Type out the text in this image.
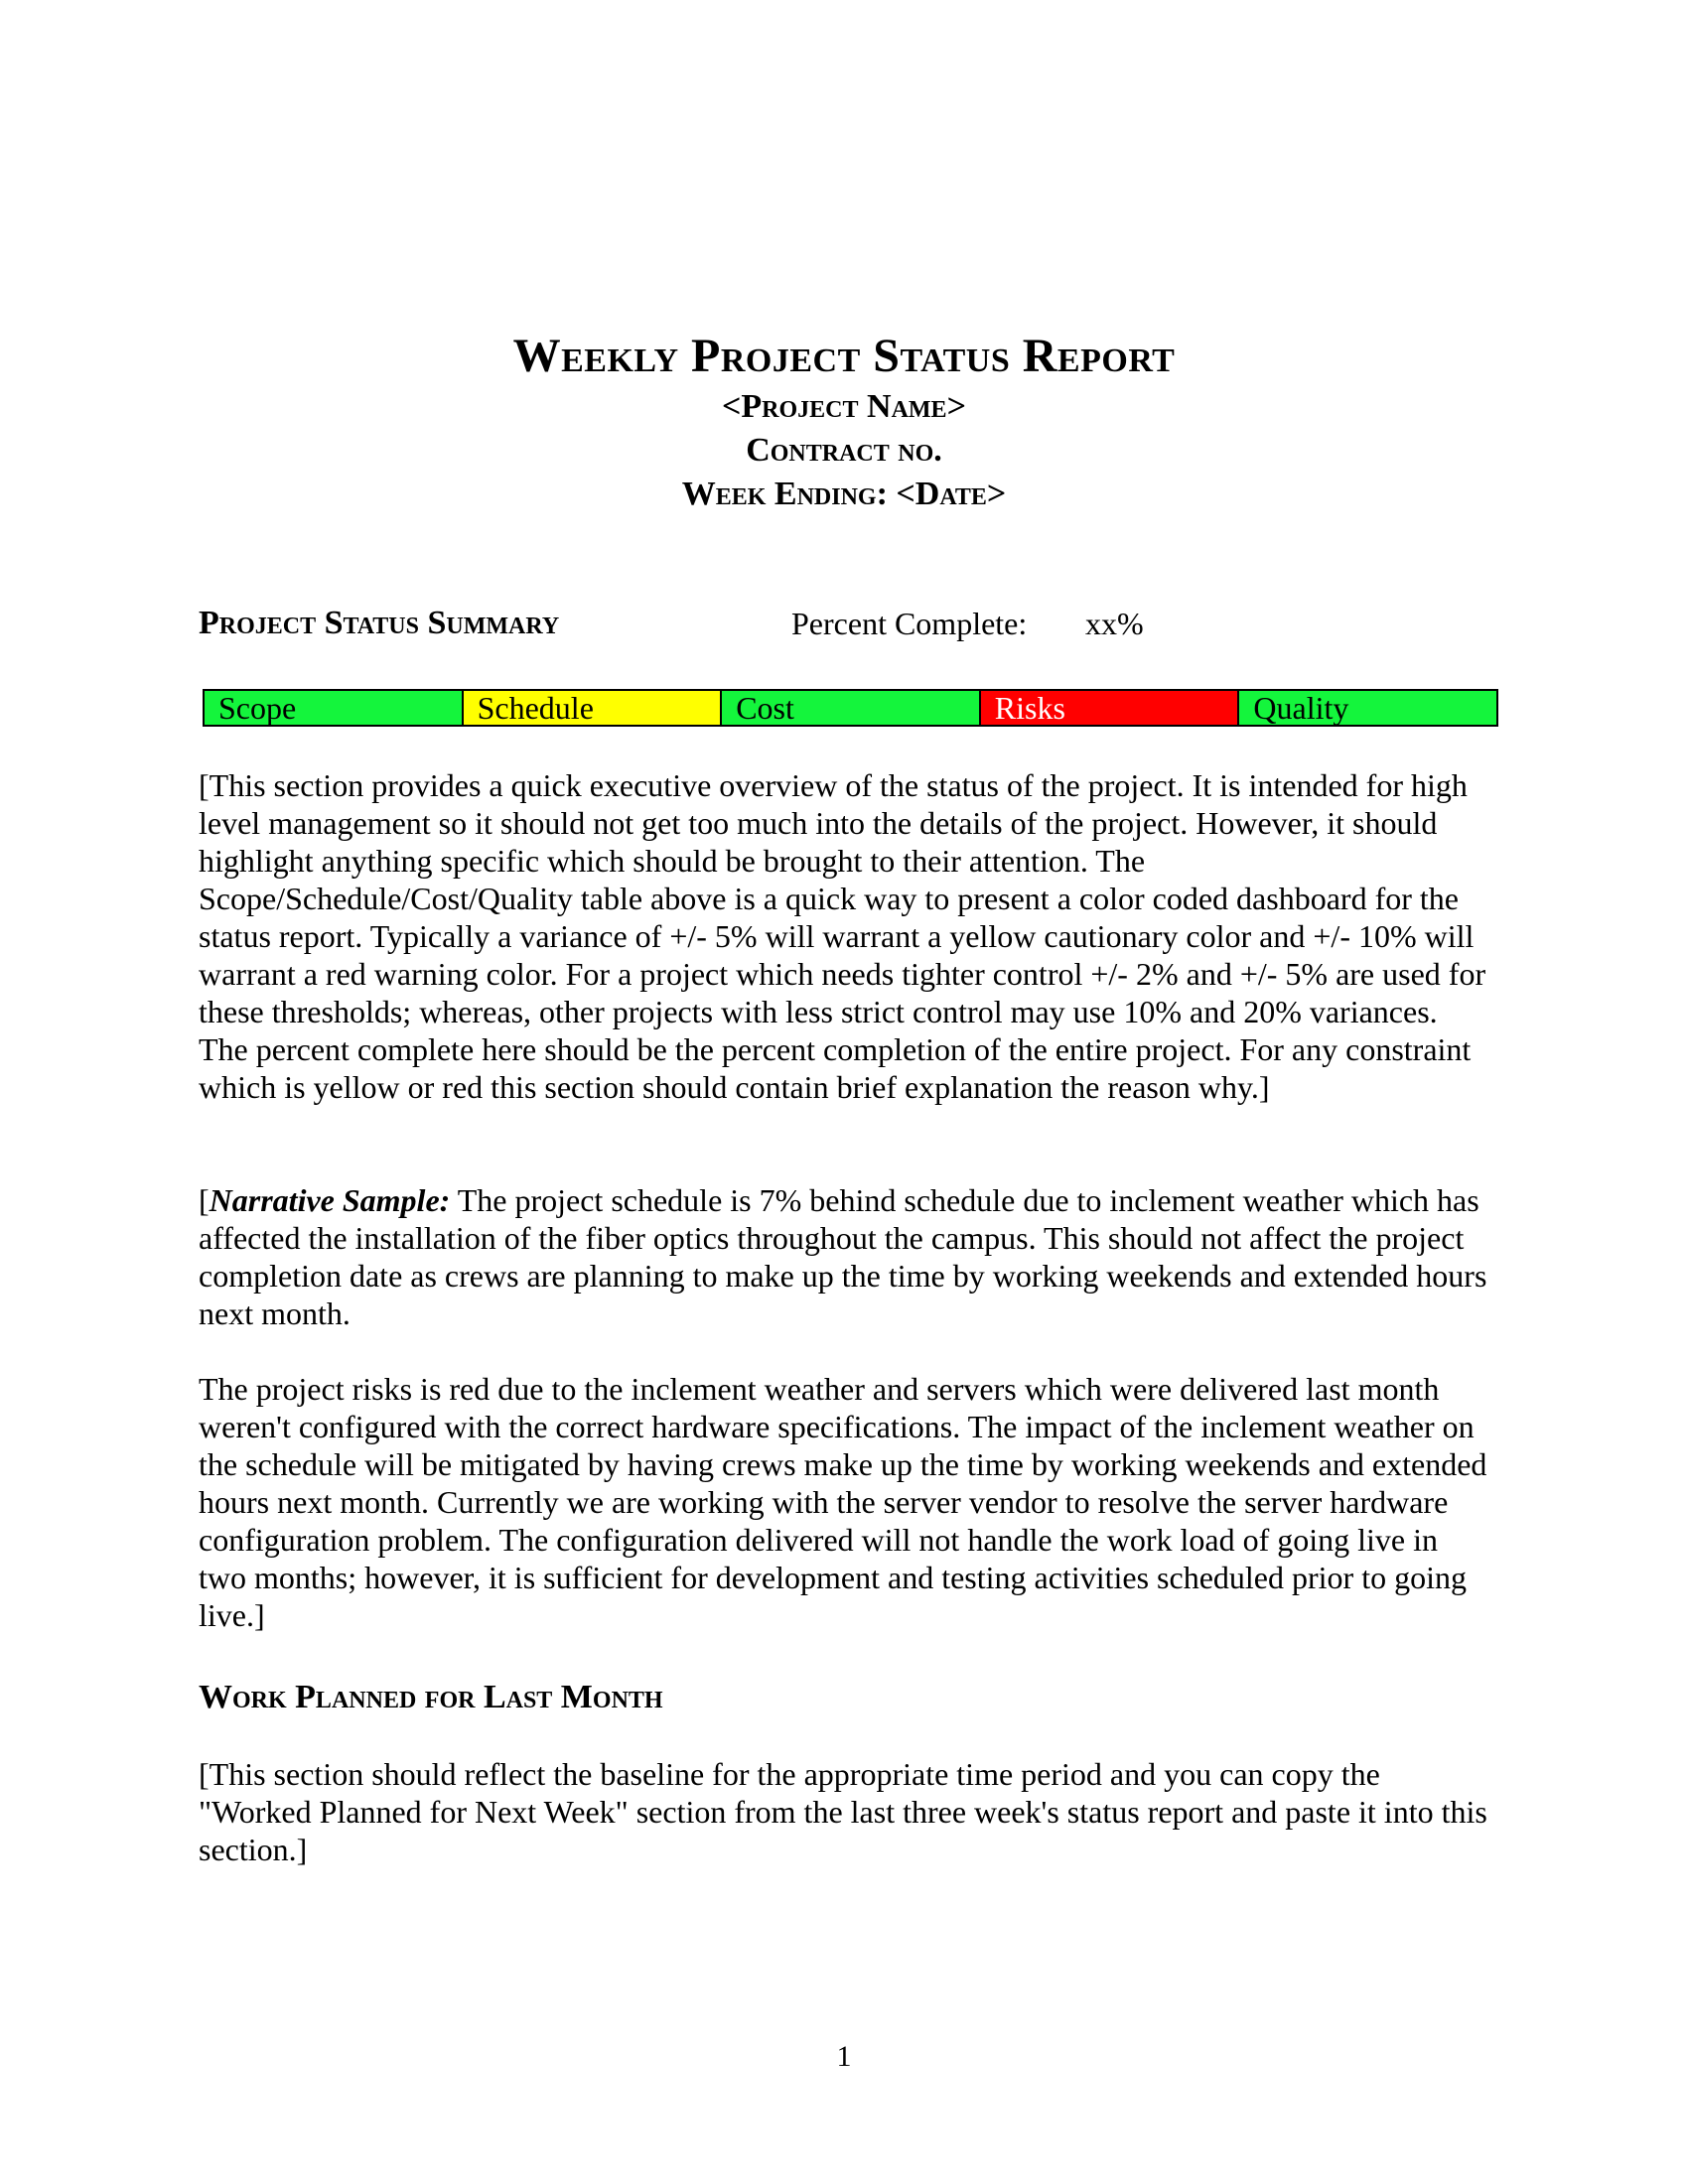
Weekly Project Status Report
<Project Name>
Contract no.
Week Ending: <Date>
Project Status Summary	Percent Complete: xx%
Scope	Schedule	Cost	Risks	Quality
[This section provides a quick executive overview of the status of the project. It is intended for high level management so it should not get too much into the details of the project. However, it should highlight anything specific which should be brought to their attention. The Scope/Schedule/Cost/Quality table above is a quick way to present a color coded dashboard for the status report. Typically a variance of +/- 5% will warrant a yellow cautionary color and +/- 10% will warrant a red warning color. For a project which needs tighter control +/- 2% and +/- 5% are used for these thresholds; whereas, other projects with less strict control may use 10% and 20% variances. The percent complete here should be the percent completion of the entire project. For any constraint which is yellow or red this section should contain brief explanation the reason why.]
[Narrative Sample: The project schedule is 7% behind schedule due to inclement weather which has affected the installation of the fiber optics throughout the campus. This should not affect the project completion date as crews are planning to make up the time by working weekends and extended hours next month.
The project risks is red due to the inclement weather and servers which were delivered last month weren't configured with the correct hardware specifications. The impact of the inclement weather on the schedule will be mitigated by having crews make up the time by working weekends and extended hours next month. Currently we are working with the server vendor to resolve the server hardware configuration problem. The configuration delivered will not handle the work load of going live in two months; however, it is sufficient for development and testing activities scheduled prior to going live.]
Work Planned for Last Month
[This section should reflect the baseline for the appropriate time period and you can copy the "Worked Planned for Next Week" section from the last three week's status report and paste it into this section.]
1
